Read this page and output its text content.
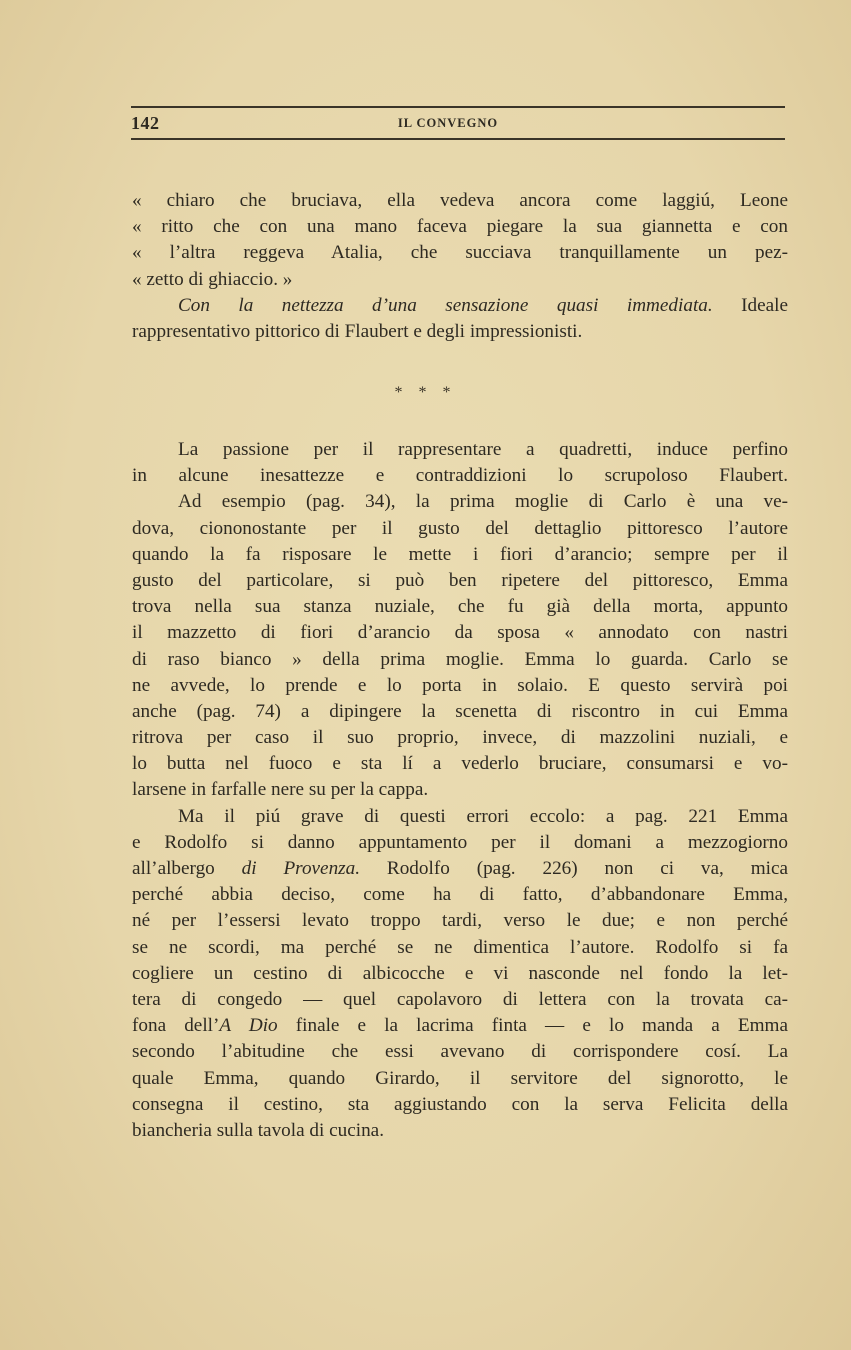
142	IL CONVEGNO
« chiaro che bruciava, ella vedeva ancora come laggiú, Leone
« ritto che con una mano faceva piegare la sua giannetta e con
« l’altra reggeva Atalia, che succiava tranquillamente un pez-
« zetto di ghiaccio. »
Con la nettezza d’una sensazione quasi immediata. Ideale
rappresentativo pittorico di Flaubert e degli impressionisti.
* * *
La passione per il rappresentare a quadretti, induce perfino
in alcune inesattezze e contraddizioni lo scrupoloso Flaubert.
Ad esempio (pag. 34), la prima moglie di Carlo è una ve-
dova, ciononostante per il gusto del dettaglio pittoresco l’autore
quando la fa risposare le mette i fiori d’arancio; sempre per il
gusto del particolare, si può ben ripetere del pittoresco, Emma
trova nella sua stanza nuziale, che fu già della morta, appunto
il mazzetto di fiori d’arancio da sposa « annodato con nastri
di raso bianco » della prima moglie. Emma lo guarda. Carlo se
ne avvede, lo prende e lo porta in solaio. E questo servirà poi
anche (pag. 74) a dipingere la scenetta di riscontro in cui Emma
ritrova per caso il suo proprio, invece, di mazzolini nuziali, e
lo butta nel fuoco e sta lí a vederlo bruciare, consumarsi e vo-
larsene in farfalle nere su per la cappa.
Ma il piú grave di questi errori eccolo: a pag. 221 Emma
e Rodolfo si danno appuntamento per il domani a mezzogiorno
all’albergo di Provenza. Rodolfo (pag. 226) non ci va, mica
perché abbia deciso, come ha di fatto, d’abbandonare Emma,
né per l’essersi levato troppo tardi, verso le due; e non perché
se ne scordi, ma perché se ne dimentica l’autore. Rodolfo si fa
cogliere un cestino di albicocche e vi nasconde nel fondo la let-
tera di congedo — quel capolavoro di lettera con la trovata ca-
fona dell’A Dio finale e la lacrima finta — e lo manda a Emma
secondo l’abitudine che essi avevano di corrispondere cosí. La
quale Emma, quando Girardo, il servitore del signorotto, le
consegna il cestino, sta aggiustando con la serva Felicita della
biancheria sulla tavola di cucina.
